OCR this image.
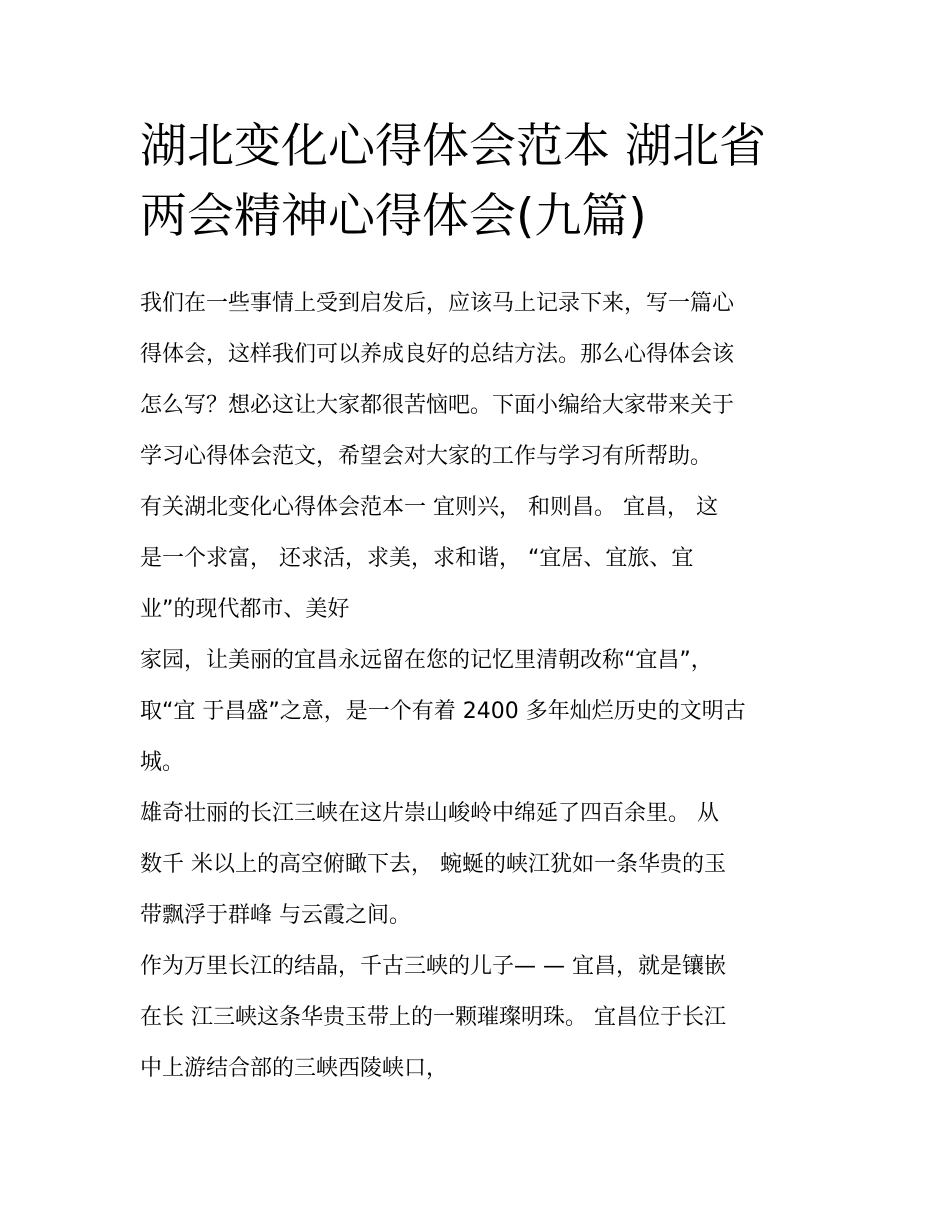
湖北变化心得体会范本 湖北省
两会精神心得体会(九篇)
我们在一些事情上受到启发后，应该马上记录下来，写一篇心
得体会，这样我们可以养成良好的总结方法。那么心得体会该
怎么写？想必这让大家都很苦恼吧。下面小编给大家带来关于
学习心得体会范文，希望会对大家的工作与学习有所帮助。
有关湖北变化心得体会范本一 宜则兴， 和则昌。 宜昌， 这
是一个求富， 还求活，求美，求和谐， “宜居、宜旅、宜
业”的现代都市、美好
家园，让美丽的宜昌永远留在您的记忆里清朝改称“宜昌”，
取“宜 于昌盛”之意，是一个有着 2400 多年灿烂历史的文明古
城。
雄奇壮丽的长江三峡在这片崇山峻岭中绵延了四百余里。 从
数千 米以上的高空俯瞰下去， 蜿蜒的峡江犹如一条华贵的玉
带飘浮于群峰 与云霞之间。
作为万里长江的结晶，千古三峡的儿子— — 宜昌，就是镶嵌
在长 江三峡这条华贵玉带上的一颗璀璨明珠。 宜昌位于长江
中上游结合部的三峡西陵峡口，
